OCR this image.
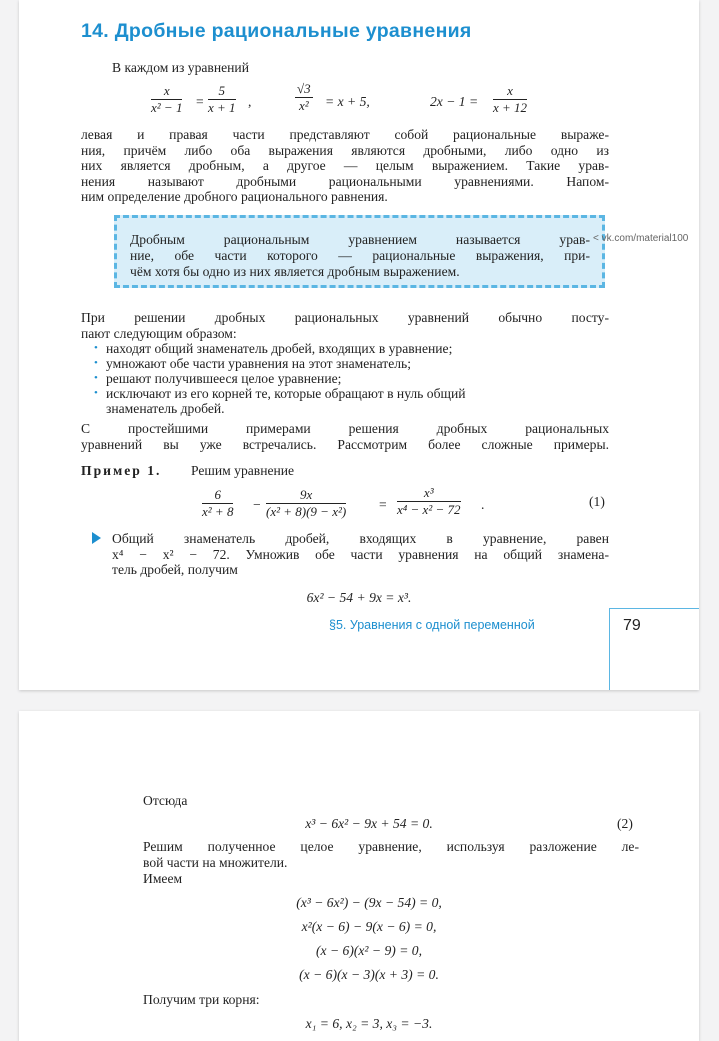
14. Дробные рациональные уравнения
В каждом из уравнений
$\frac{x}{\text{x² − 1}} = \frac{5}{x + 1}$ ,	$\frac{√3}{\text{x²}} = x + 5$,	$2x - 1 = \frac{x}{x + 12}$
левая и правая части представляют собой рациональные выраже-
ния, причём либо оба выражения являются дробными, либо одно из
них является дробным, а другое — целым выражением. Такие урав-
нения называют дробными рациональными уравнениями. Напом-
ним определение дробного рационального равнения.
Дробным рациональным уравнением называется урав-
ние, обе части которого — рациональные выражения, при-
чём хотя бы одно из них является дробным выражением.
< vk.com/material100
При решении дробных рациональных уравнений обычно посту-
пают следующим образом:
• находят общий знаменатель дробей, входящих в уравнение;
• умножают обе части уравнения на этот знаменатель;
• решают получившееся целое уравнение;
• исключают из его корней те, которые обращают в нуль общий
знаменатель дробей.
С простейшими примерами решения дробных рациональных
уравнений вы уже встречались. Рассмотрим более сложные примеры.
Пример 1. Решим уравнение
$\frac{6}{\text{x² + 8}} - \frac{9x}{\text{(x² + 8)(9 − x²)}} = \frac{\text{x³}}{\text{x⁴ − x² − 72}}$ .	(1)
Общий знаменатель дробей, входящих в уравнение, равен
x⁴ − x² − 72. Умножив обе части уравнения на общий знамена-
тель дробей, получим
6x² − 54 + 9x = x³.
§5. Уравнения с одной переменной	79
Отсюда
x³ − 6x² − 9x + 54 = 0.	(2)
Решим полученное целое уравнение, используя разложение ле-
вой части на множители.
Имеем
(x³ − 6x²) − (9x − 54) = 0,
x²(x − 6) − 9(x − 6) = 0,
(x − 6)(x² − 9) = 0,
(x − 6)(x − 3)(x + 3) = 0.
Получим три корня:
x₁ = 6, x₂ = 3, x₃ = −3.
